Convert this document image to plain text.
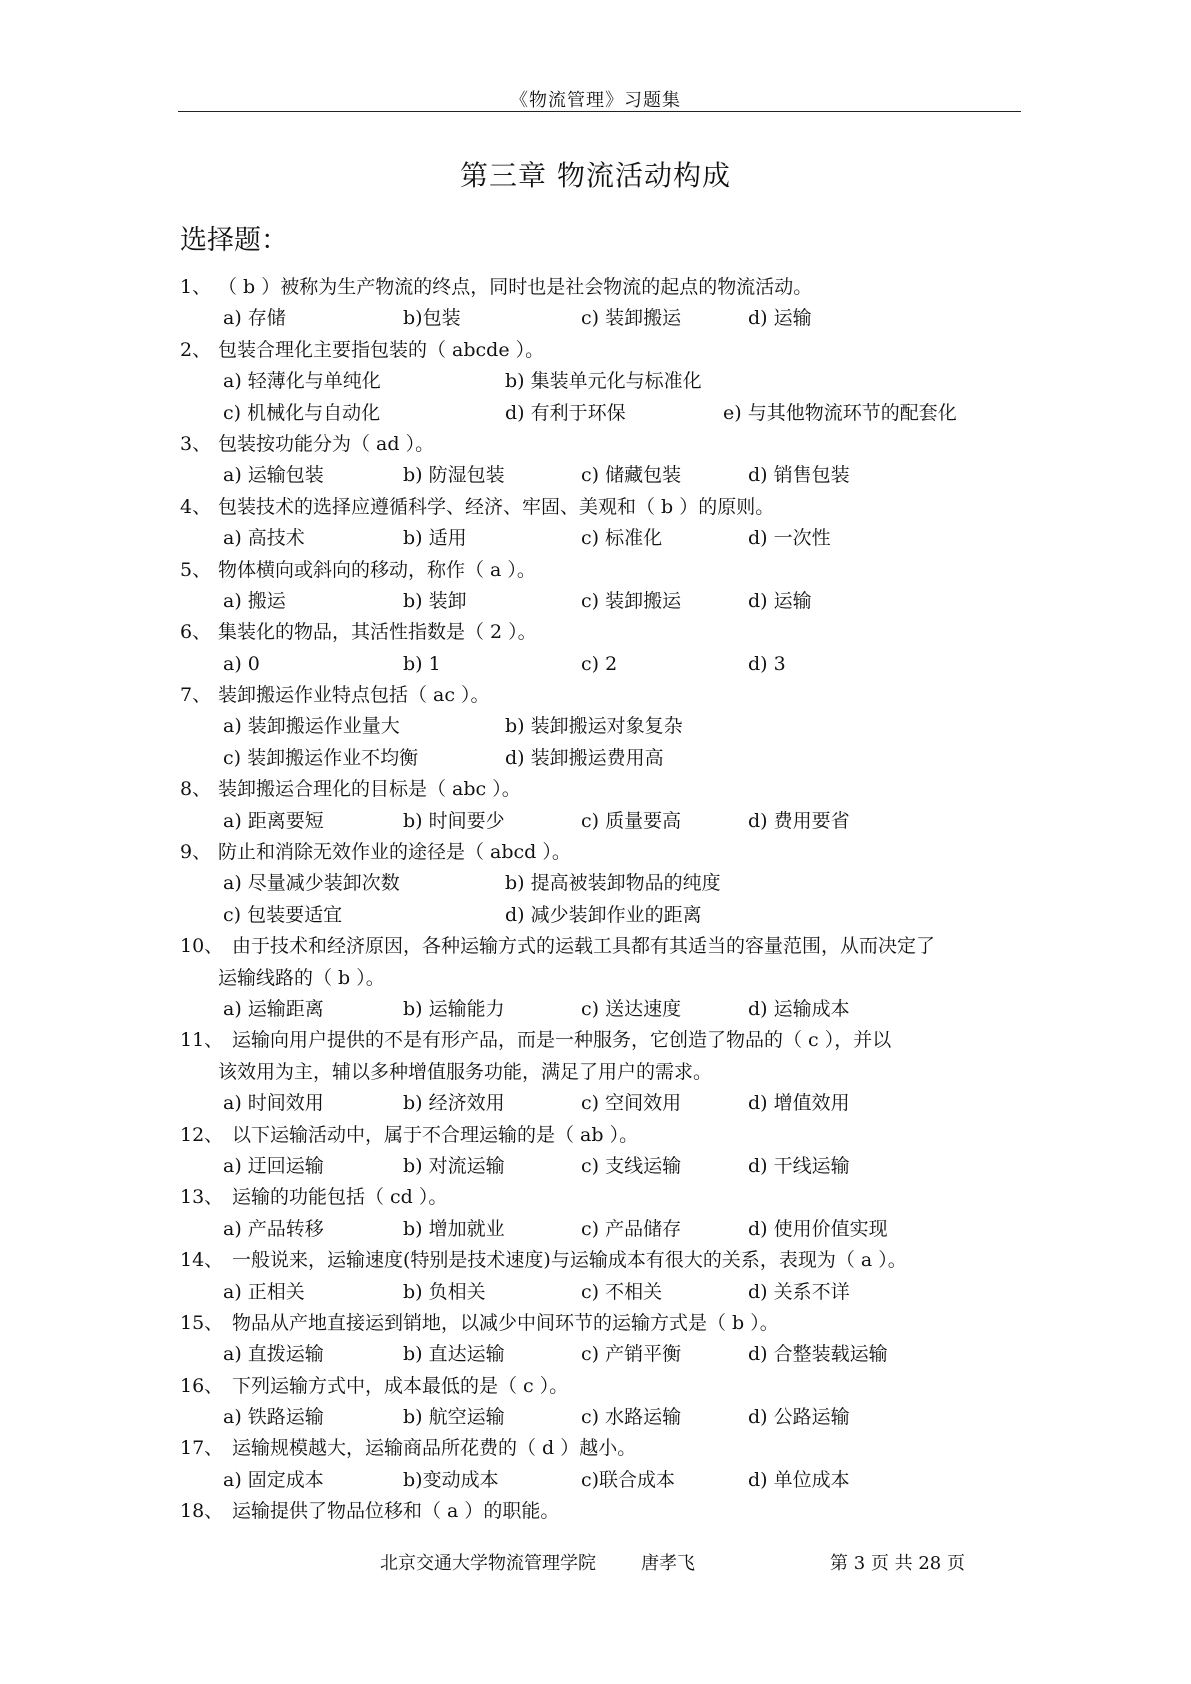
《物流管理》习题集
第三章 物流活动构成
选择题：
1、 （ b ）被称为生产物流的终点，同时也是社会物流的起点的物流活动。
a) 存储	b)包装	c) 装卸搬运	d) 运输
2、 包装合理化主要指包装的（ abcde ）。
a) 轻薄化与单纯化	b) 集装单元化与标准化
c) 机械化与自动化	d) 有利于环保	e) 与其他物流环节的配套化
3、 包装按功能分为（ ad ）。
a) 运输包装	b) 防湿包装	c) 储藏包装	d) 销售包装
4、 包装技术的选择应遵循科学、经济、牢固、美观和（ b ）的原则。
a) 高技术	b) 适用	c) 标准化	d) 一次性
5、 物体横向或斜向的移动，称作（ a ）。
a) 搬运	b) 装卸	c) 装卸搬运	d) 运输
6、 集装化的物品，其活性指数是（ 2 ）。
a) 0	b) 1	c) 2	d) 3
7、 装卸搬运作业特点包括（ ac ）。
a) 装卸搬运作业量大	b) 装卸搬运对象复杂
c) 装卸搬运作业不均衡	d) 装卸搬运费用高
8、 装卸搬运合理化的目标是（ abc ）。
a) 距离要短	b) 时间要少	c) 质量要高	d) 费用要省
9、 防止和消除无效作业的途径是（ abcd ）。
a) 尽量减少装卸次数	b) 提高被装卸物品的纯度
c) 包装要适宜	d) 减少装卸作业的距离
10、 由于技术和经济原因，各种运输方式的运载工具都有其适当的容量范围，从而决定了
运输线路的（ b ）。
a) 运输距离	b) 运输能力	c) 送达速度	d) 运输成本
11、 运输向用户提供的不是有形产品，而是一种服务，它创造了物品的（ c ），并以
该效用为主，辅以多种增值服务功能，满足了用户的需求。
a) 时间效用	b) 经济效用	c) 空间效用	d) 增值效用
12、 以下运输活动中，属于不合理运输的是（ ab ）。
a) 迂回运输	b) 对流运输	c) 支线运输	d) 干线运输
13、 运输的功能包括（ cd ）。
a) 产品转移	b) 增加就业	c) 产品储存	d) 使用价值实现
14、 一般说来，运输速度(特别是技术速度)与运输成本有很大的关系，表现为（ a ）。
a) 正相关	b) 负相关	c) 不相关	d) 关系不详
15、 物品从产地直接运到销地，以减少中间环节的运输方式是（ b ）。
a) 直拨运输	b) 直达运输	c) 产销平衡	d) 合整装载运输
16、 下列运输方式中，成本最低的是（ c ）。
a) 铁路运输	b) 航空运输	c) 水路运输	d) 公路运输
17、 运输规模越大，运输商品所花费的（ d ）越小。
a) 固定成本	b)变动成本	c)联合成本	d) 单位成本
18、 运输提供了物品位移和（ a ）的职能。
北京交通大学物流管理学院	唐孝飞	第 3 页 共 28 页
